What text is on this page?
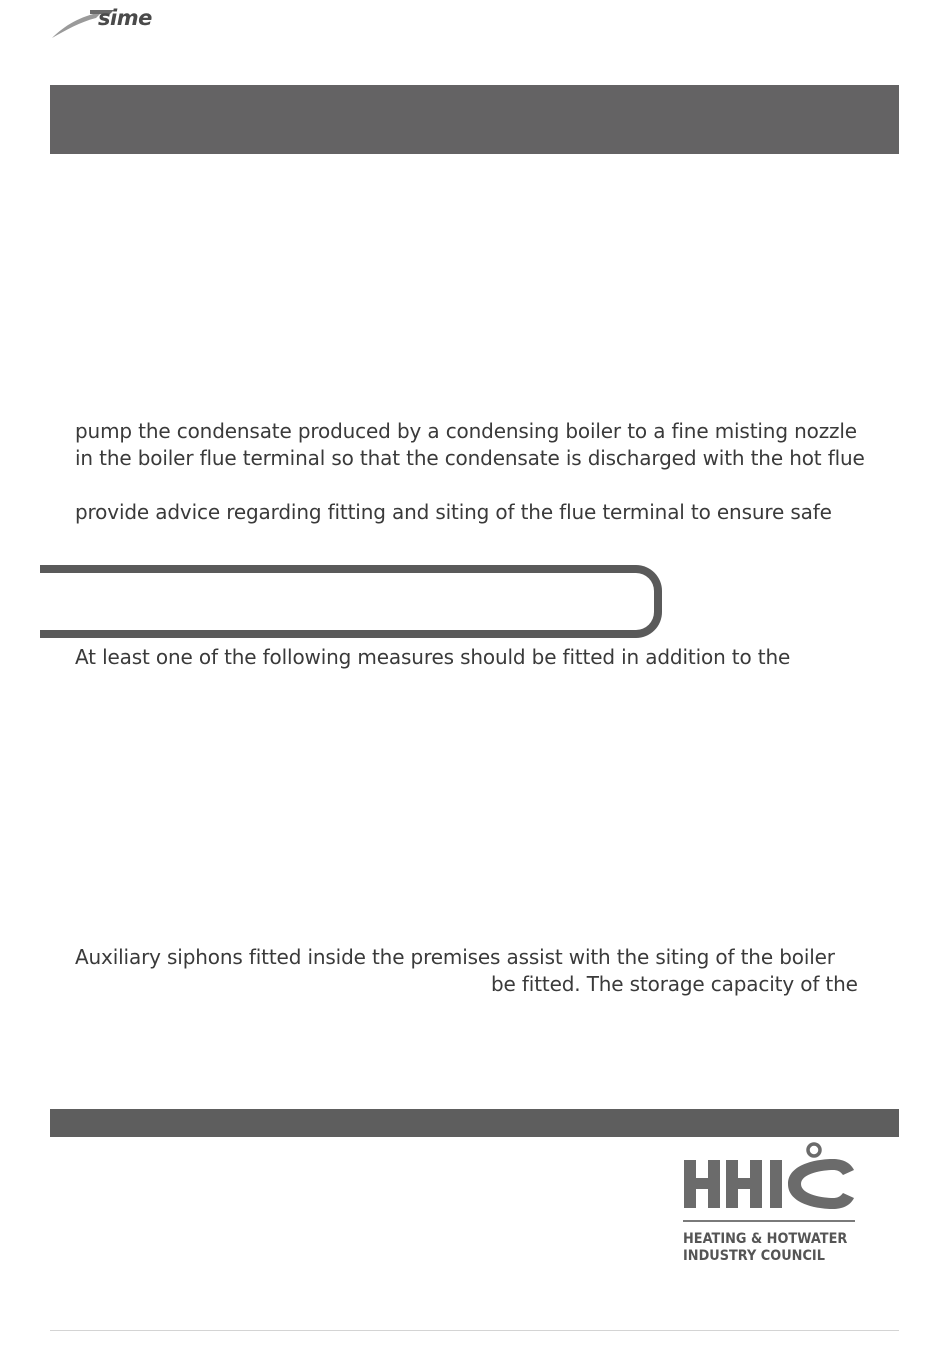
sime
pump the condensate produced by a condensing boiler to a fine misting nozzle
in the boiler flue terminal so that the condensate is discharged with the hot flue
provide advice regarding fitting and siting of the flue terminal to ensure safe
At least one of the following measures should be fitted in addition to the
Auxiliary siphons fitted inside the premises assist with the siting of the boiler
be fitted. The storage capacity of the
HEATING & HOTWATER
INDUSTRY COUNCIL
